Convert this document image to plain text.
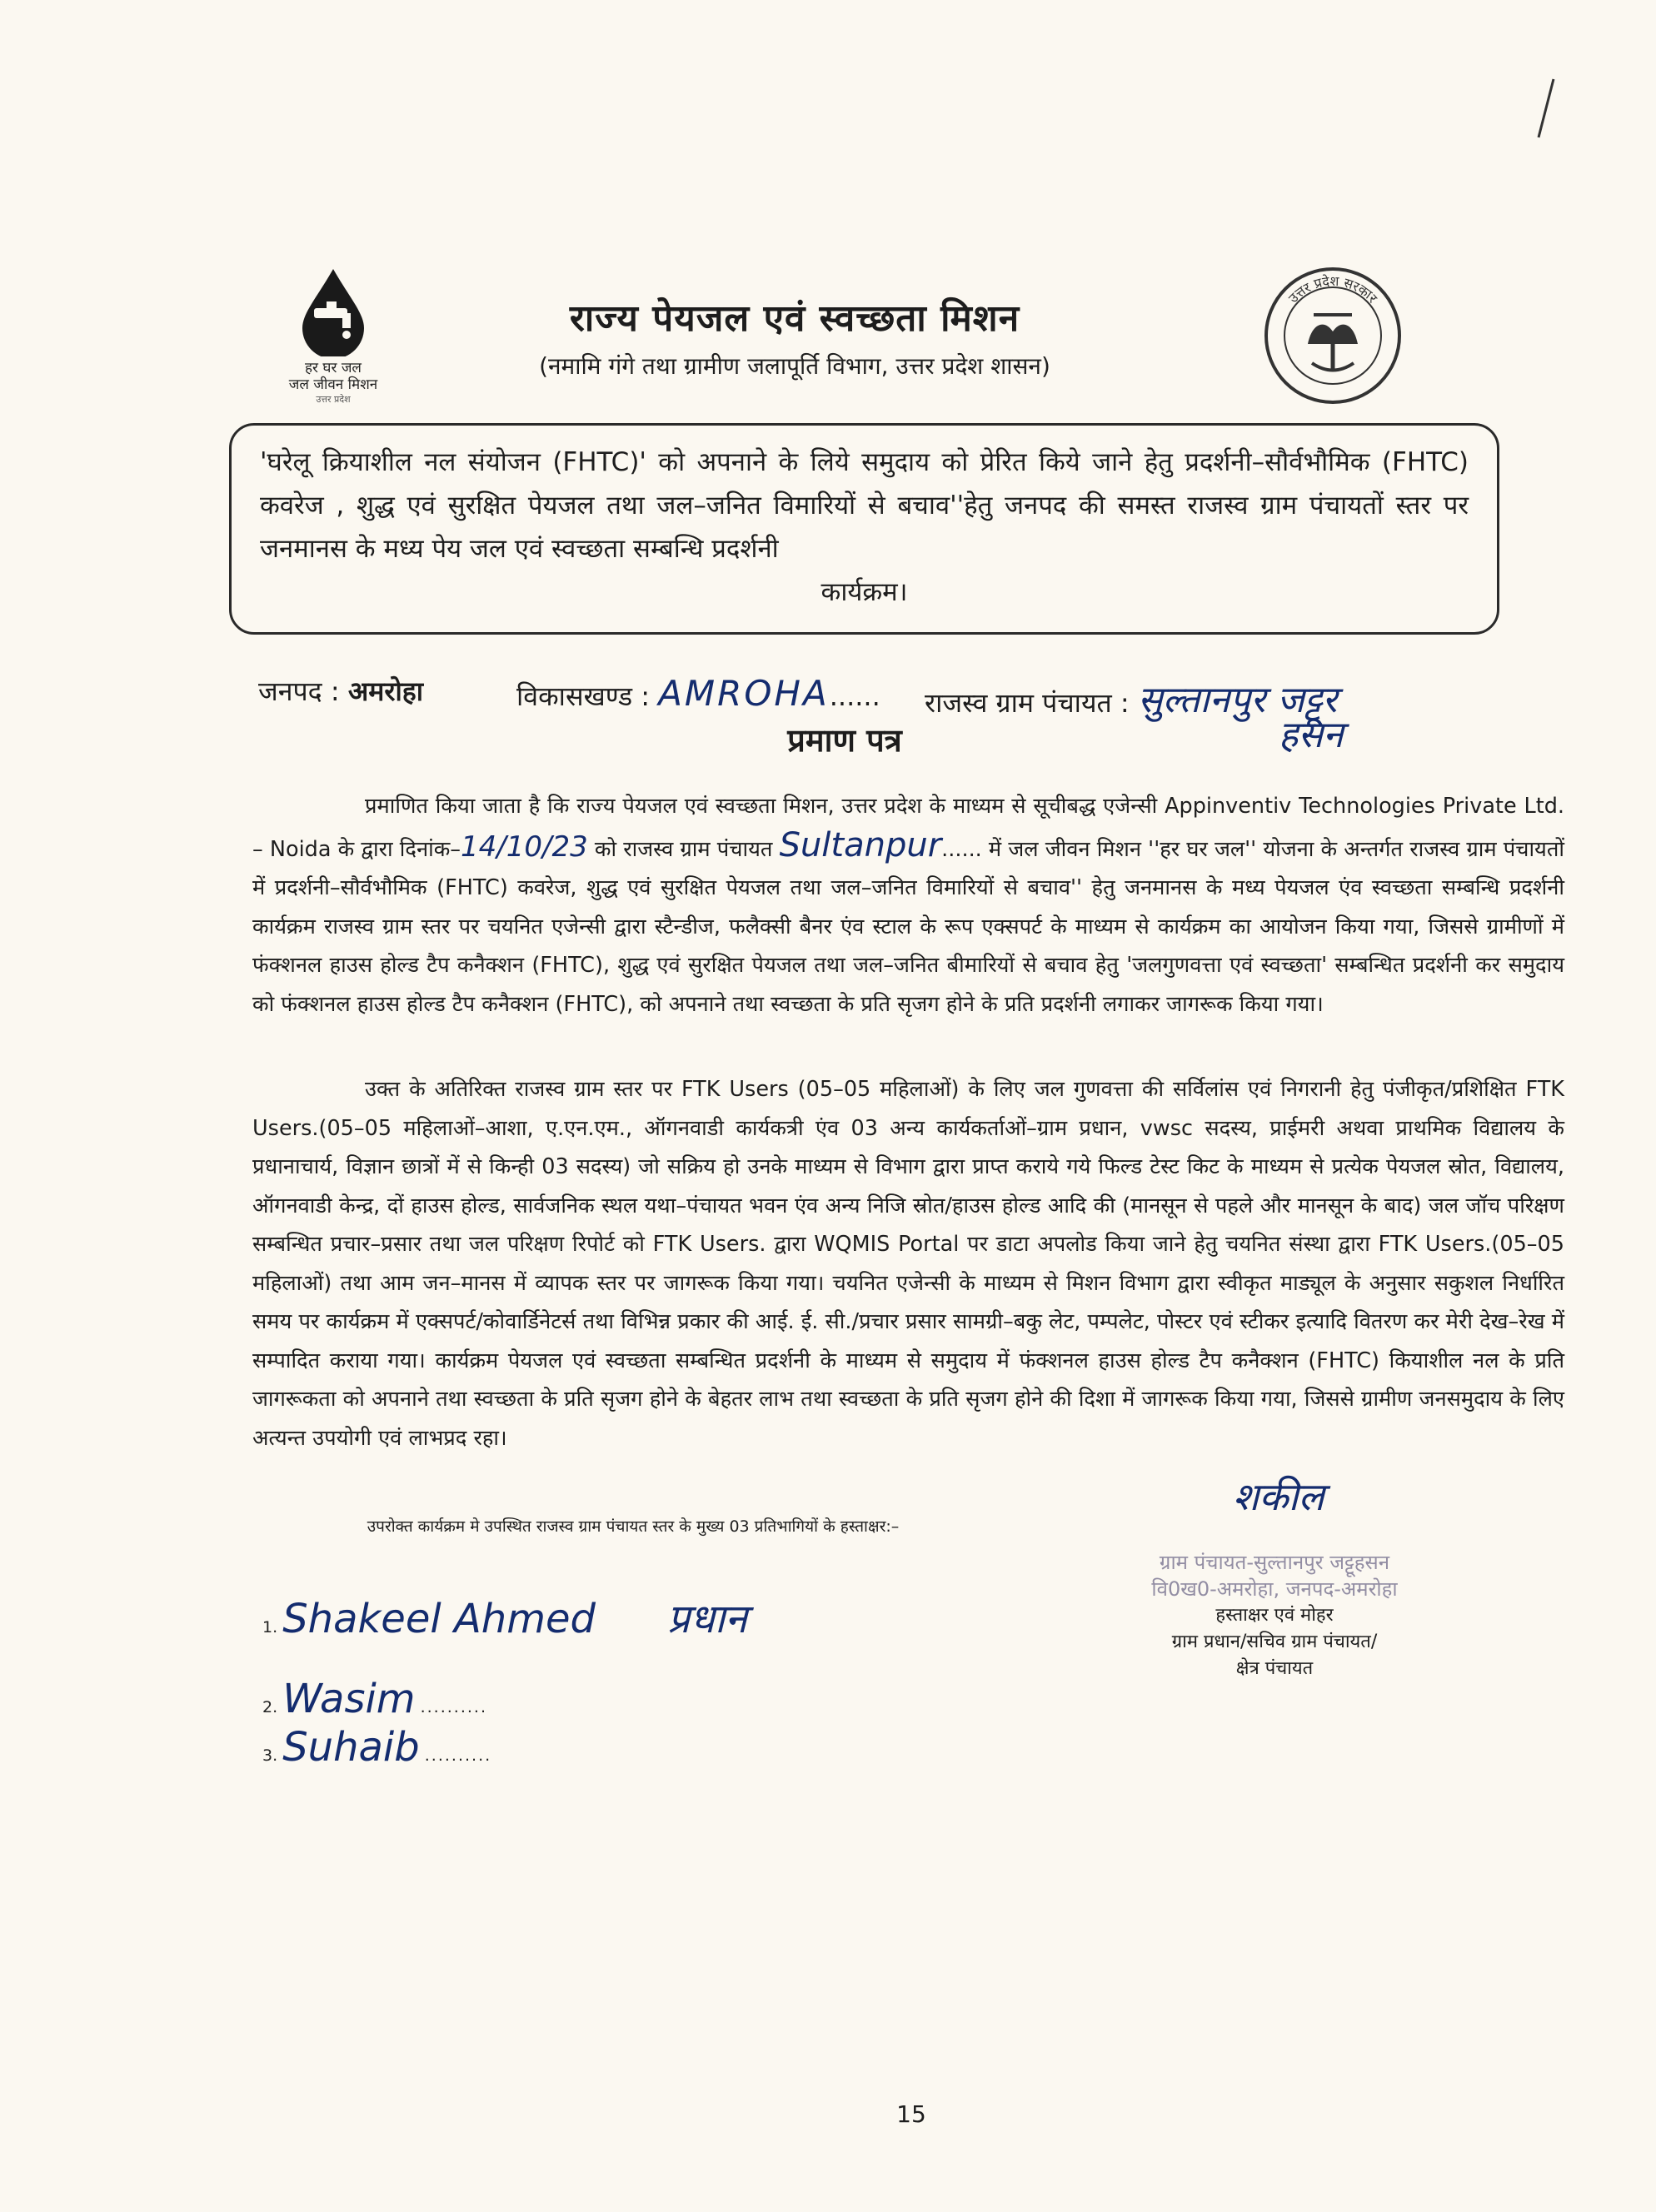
हर घर जल
जल जीवन मिशन
उत्तर प्रदेश
राज्य पेयजल एवं स्वच्छता मिशन
(नमामि गंगे तथा ग्रामीण जलापूर्ति विभाग, उत्तर प्रदेश शासन)
उत्तर प्रदेश सरकार
'घरेलू क्रियाशील नल संयोजन (FHTC)' को अपनाने के लिये समुदाय को प्रेरित किये जाने हेतु प्रदर्शनी–सौर्वभौमिक (FHTC) कवरेज , शुद्ध एवं सुरक्षित पेयजल तथा जल–जनित विमारियों से बचाव''हेतु जनपद की समस्त राजस्व ग्राम पंचायतों स्तर पर जनमानस के मध्य पेय जल एवं स्वच्छता सम्बन्धि प्रदर्शनी
कार्यक्रम।
जनपद : अमरोहा	विकासखण्ड : AMROHA...... राजस्व ग्राम पंचायत : सुल्तानपुर जट्टूर
हसन
प्रमाण पत्र
प्रमाणित किया जाता है कि राज्य पेयजल एवं स्वच्छता मिशन, उत्तर प्रदेश के माध्यम से सूचीबद्ध एजेन्सी Appinventiv Technologies Private Ltd. – Noida के द्वारा दिनांक–14/10/23 को राजस्व ग्राम पंचायत Sultanpur...... में जल जीवन मिशन ''हर घर जल'' योजना के अन्तर्गत राजस्व ग्राम पंचायतों में प्रदर्शनी–सौर्वभौमिक (FHTC) कवरेज, शुद्ध एवं सुरक्षित पेयजल तथा जल–जनित विमारियों से बचाव'' हेतु जनमानस के मध्य पेयजल एंव स्वच्छता सम्बन्धि प्रदर्शनी कार्यक्रम राजस्व ग्राम स्तर पर चयनित एजेन्सी द्वारा स्टैन्डीज, फलैक्सी बैनर एंव स्टाल के रूप एक्सपर्ट के माध्यम से कार्यक्रम का आयोजन किया गया, जिससे ग्रामीणों में फंक्शनल हाउस होल्ड टैप कनैक्शन (FHTC), शुद्ध एवं सुरक्षित पेयजल तथा जल–जनित बीमारियों से बचाव हेतु 'जलगुणवत्ता एवं स्वच्छता' सम्बन्धित प्रदर्शनी कर समुदाय को फंक्शनल हाउस होल्ड टैप कनैक्शन (FHTC), को अपनाने तथा स्वच्छता के प्रति सृजग होने के प्रति प्रदर्शनी लगाकर जागरूक किया गया।
उक्त के अतिरिक्त राजस्व ग्राम स्तर पर FTK Users (05–05 महिलाओं) के लिए जल गुणवत्ता की सर्विलांस एवं निगरानी हेतु पंजीकृत/प्रशिक्षित FTK Users.(05–05 महिलाओं–आशा, ए.एन.एम., ऑगनवाडी कार्यकत्री एंव 03 अन्य कार्यकर्ताओं–ग्राम प्रधान, vwsc सदस्य, प्राईमरी अथवा प्राथमिक विद्यालय के प्रधानाचार्य, विज्ञान छात्रों में से किन्ही 03 सदस्य) जो सक्रिय हो उनके माध्यम से विभाग द्वारा प्राप्त कराये गये फिल्ड टेस्ट किट के माध्यम से प्रत्येक पेयजल स्रोत, विद्यालय, ऑगनवाडी केन्द्र, दों हाउस होल्ड, सार्वजनिक स्थल यथा–पंचायत भवन एंव अन्य निजि स्रोत/हाउस होल्ड आदि की (मानसून से पहले और मानसून के बाद) जल जॉच परिक्षण सम्बन्धित प्रचार–प्रसार तथा जल परिक्षण रिपोर्ट को FTK Users. द्वारा WQMIS Portal पर डाटा अपलोड किया जाने हेतु चयनित संस्था द्वारा FTK Users.(05–05 महिलाओं) तथा आम जन–मानस में व्यापक स्तर पर जागरूक किया गया। चयनित एजेन्सी के माध्यम से मिशन विभाग द्वारा स्वीकृत माड्यूल के अनुसार सकुशल निर्धारित समय पर कार्यक्रम में एक्सपर्ट/कोवार्डिनेटर्स तथा विभिन्न प्रकार की आई. ई. सी./प्रचार प्रसार सामग्री–बकु लेट, पम्पलेट, पोस्टर एवं स्टीकर इत्यादि वितरण कर मेरी देख–रेख में सम्पादित कराया गया। कार्यक्रम पेयजल एवं स्वच्छता सम्बन्धित प्रदर्शनी के माध्यम से समुदाय में फंक्शनल हाउस होल्ड टैप कनैक्शन (FHTC) कियाशील नल के प्रति जागरूकता को अपनाने तथा स्वच्छता के प्रति सृजग होने के बेहतर लाभ तथा स्वच्छता के प्रति सृजग होने की दिशा में जागरूक किया गया, जिससे ग्रामीण जनसमुदाय के लिए अत्यन्त उपयोगी एवं लाभप्रद रहा।
उपरोक्त कार्यक्रम मे उपस्थित राजस्व ग्राम पंचायत स्तर के मुख्य 03 प्रतिभागियों के हस्ताक्षर:–
1. Shakeel Ahmed प्रधान
2. Wasim ..........
3. Suhaib ..........
शकील
ग्राम पंचायत-सुल्तानपुर जट्टूहसन
वि0ख0-अमरोहा, जनपद-अमरोहा
हस्ताक्षर एवं मोहर
ग्राम प्रधान/सचिव ग्राम पंचायत/
क्षेत्र पंचायत
15
